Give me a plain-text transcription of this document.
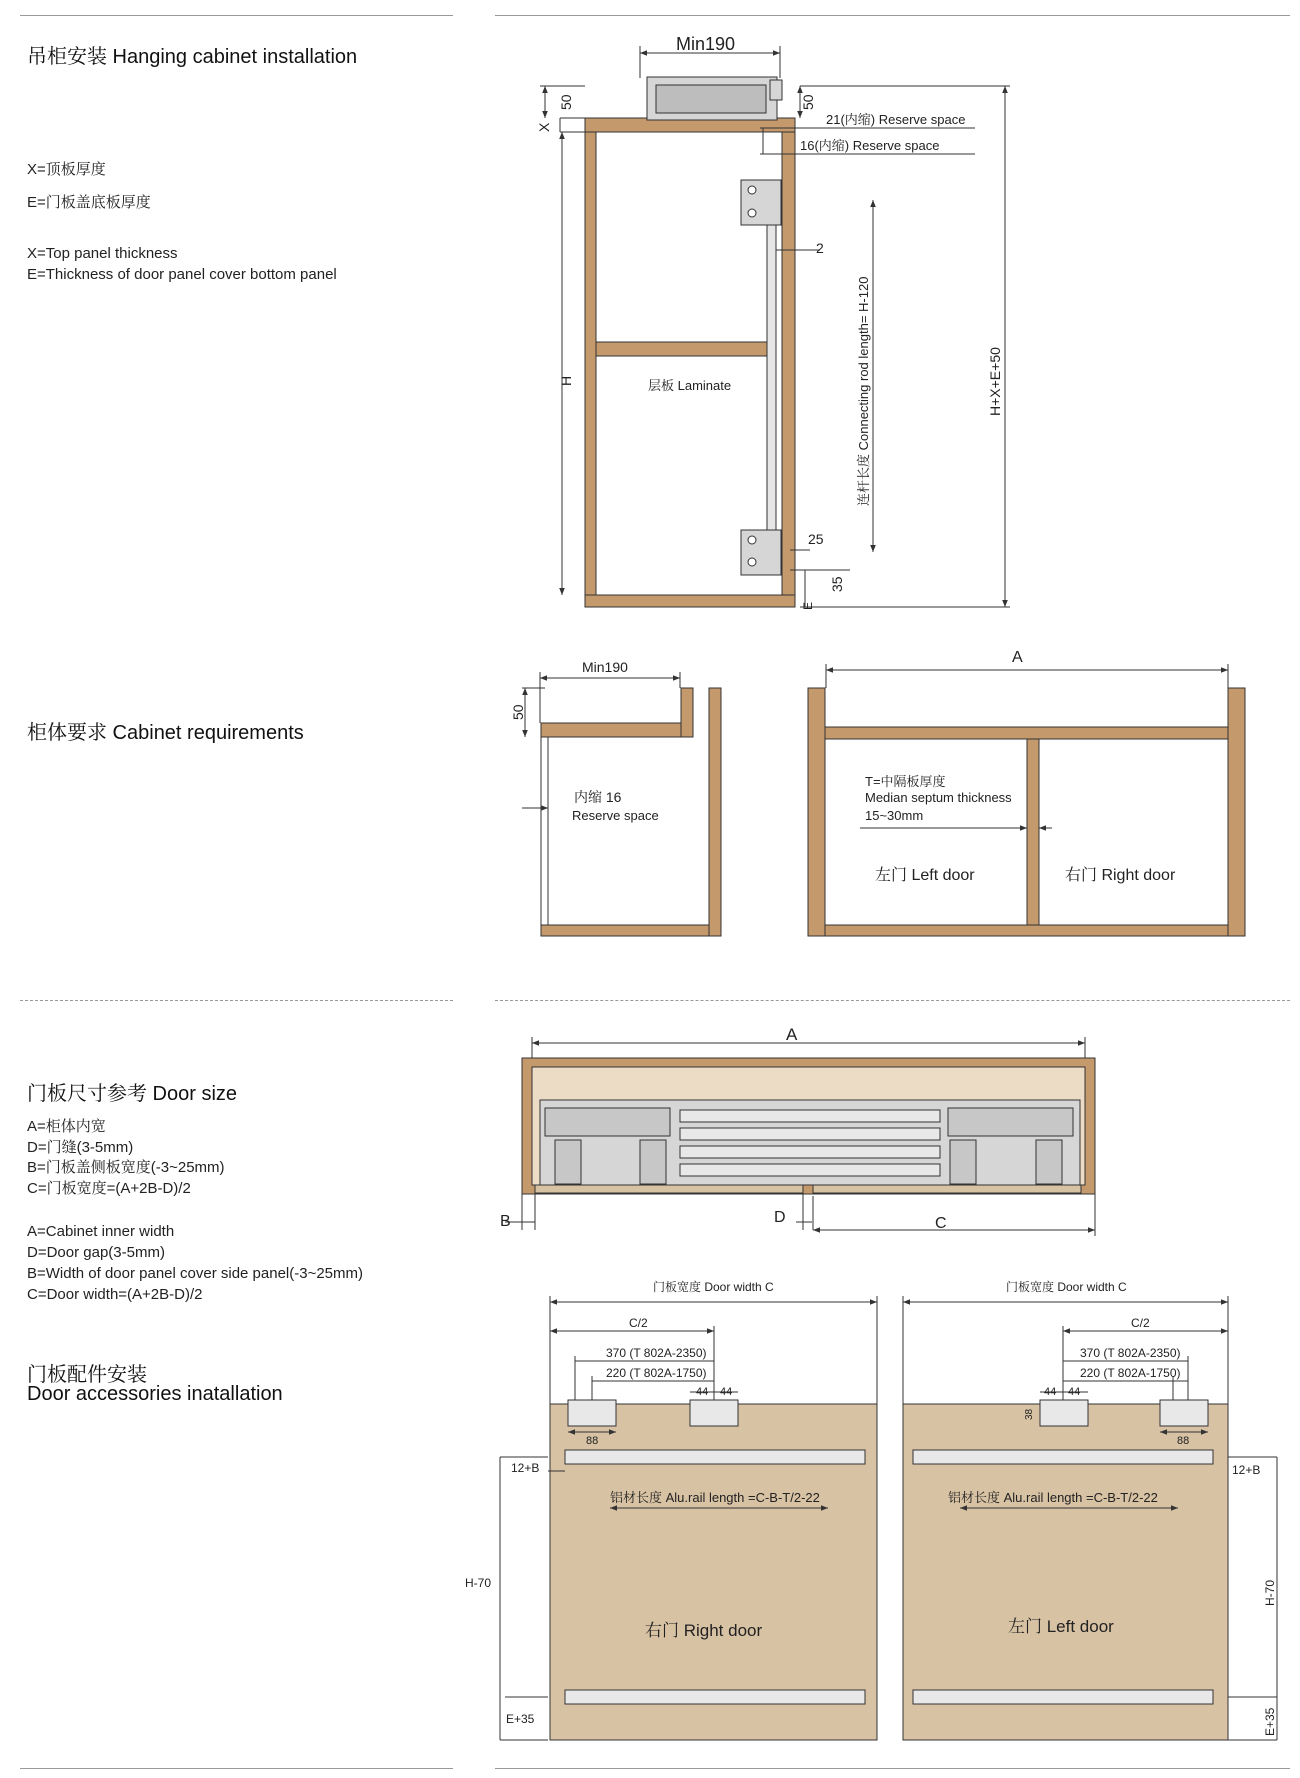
吊柜安装 Hanging cabinet installation
X=顶板厚度
E=门板盖底板厚度
X=Top panel thickness
E=Thickness of door panel cover bottom panel
柜体要求 Cabinet requirements
门板尺寸参考 Door size
A=柜体内宽
D=门缝(3-5mm)
B=门板盖侧板宽度(-3~25mm)
C=门板宽度=(A+2B-D)/2
A=Cabinet inner width
D=Door gap(3-5mm)
B=Width of door panel cover side panel(-3~25mm)
C=Door width=(A+2B-D)/2
门板配件安装
Door accessories inatallation
Min190
50	50
X
21(内缩) Reserve space
16(内缩) Reserve space
2
H	层板 Laminate	连杆长度 Connecting rod length= H-120	H+X+E+50
25
35
E
Min190
50
内缩 16
Reserve space
A
T=中隔板厚度
Median septum thickness
15~30mm
左门 Left door	右门 Right door
A
B	D	C
门板宽度 Door width C
C/2
370 (T 802A-2350)
220 (T 802A-1750)
44 44
88
12+B
铝材长度 Alu.rail length =C-B-T/2-22
H-70
右门 Right door
E+35
门板宽度 Door width C
C/2
370 (T 802A-2350)
220 (T 802A-1750)
44 44
38
88
12+B
铝材长度 Alu.rail length =C-B-T/2-22
H-70
左门 Left door
E+35
